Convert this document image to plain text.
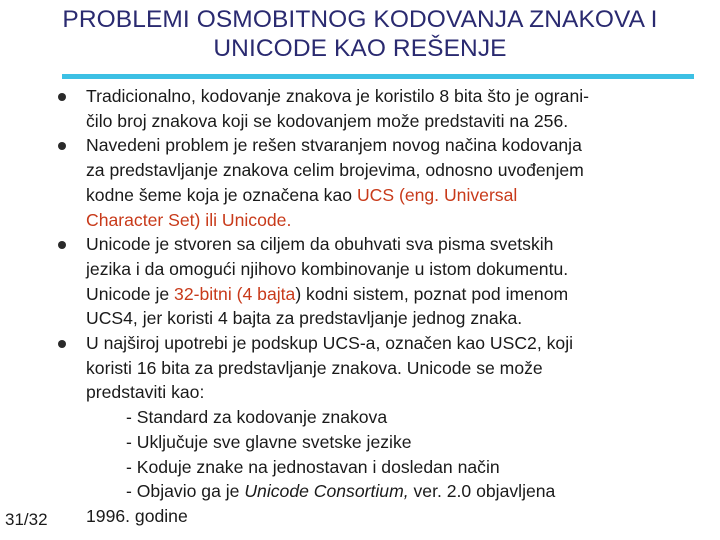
PROBLEMI OSMOBITNOG KODOVANJA ZNAKOVA I
UNICODE KAO REŠENJE

Tradicionalno, kodovanje znakova je koristilo 8 bita što je ograni-

čilo broj znakova koji se kodovanjem može predstaviti na 256.

Navedeni problem je rešen stvaranjem novog načina kodovanja

za predstavljanje znakova celim brojevima, odnosno uvođenjem

kodne šeme koja je označena kao UCS (eng. Universal

Character Set) ili Unicode.

Unicode je stvoren sa ciljem da obuhvati sva pisma svetskih

jezika i da omogući njihovo kombinovanje u istom dokumentu.

Unicode je 32-bitni (4 bajta) kodni sistem, poznat pod imenom

UCS4, jer koristi 4 bajta za predstavljanje jednog znaka.

U najširoj upotrebi je podskup UCS-a, označen kao USC2, koji

koristi 16 bita za predstavljanje znakova. Unicode se može

predstaviti kao:

- Standard za kodovanje znakova

- Uključuje sve glavne svetske jezike

- Koduje znake na jednostavan i dosledan način

- Objavio ga je Unicode Consortium, ver. 2.0 objavljena

1996. godine

31/32
